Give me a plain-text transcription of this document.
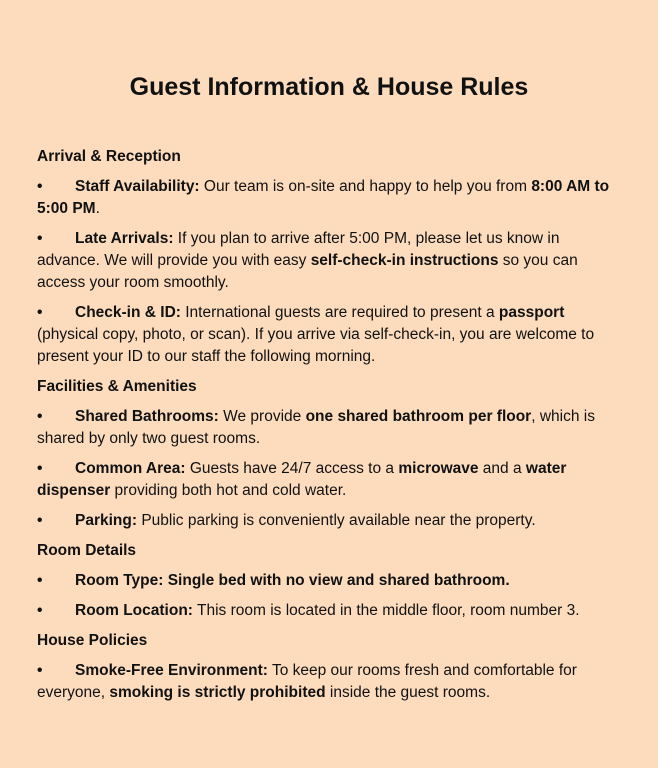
Guest Information & House Rules
Arrival & Reception
• Staff Availability: Our team is on-site and happy to help you from 8:00 AM to 5:00 PM.
• Late Arrivals: If you plan to arrive after 5:00 PM, please let us know in advance. We will provide you with easy self-check-in instructions so you can access your room smoothly.
• Check-in & ID: International guests are required to present a passport (physical copy, photo, or scan). If you arrive via self-check-in, you are welcome to present your ID to our staff the following morning.
Facilities & Amenities
• Shared Bathrooms: We provide one shared bathroom per floor, which is shared by only two guest rooms.
• Common Area: Guests have 24/7 access to a microwave and a water dispenser providing both hot and cold water.
• Parking: Public parking is conveniently available near the property.
Room Details
• Room Type: Single bed with no view and shared bathroom.
• Room Location: This room is located in the middle floor, room number 3.
House Policies
• Smoke-Free Environment: To keep our rooms fresh and comfortable for everyone, smoking is strictly prohibited inside the guest rooms.
